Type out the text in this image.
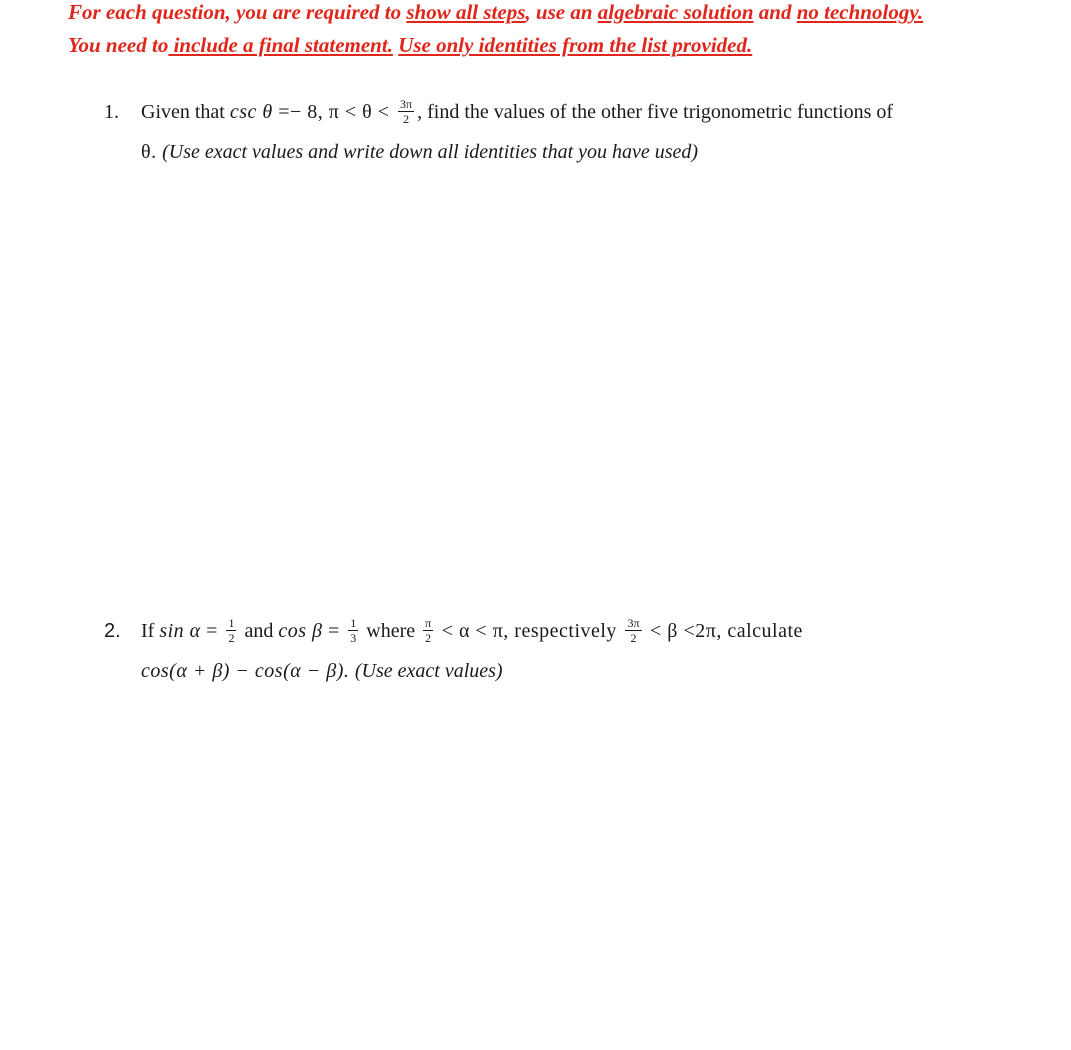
For each question, you are required to show all steps, use an algebraic solution and no technology.
You need to include a final statement. Use only identities from the list provided.
1. Given that csc θ =− 8, $\pi < \theta < \frac{3\pi}{2}$ , find the values of the other five trigonometric functions of
θ. (Use exact values and write down all identities that you have used)
2. If $\sin \alpha = \frac{1}{2}$ and $\cos \beta = \frac{1}{3}$ where $\frac{\pi}{2} < \alpha < \pi$, respectively $\frac{3\pi}{2} < \beta <2\pi$, calculate
cos(α + β) − cos(α − β). (Use exact values)
